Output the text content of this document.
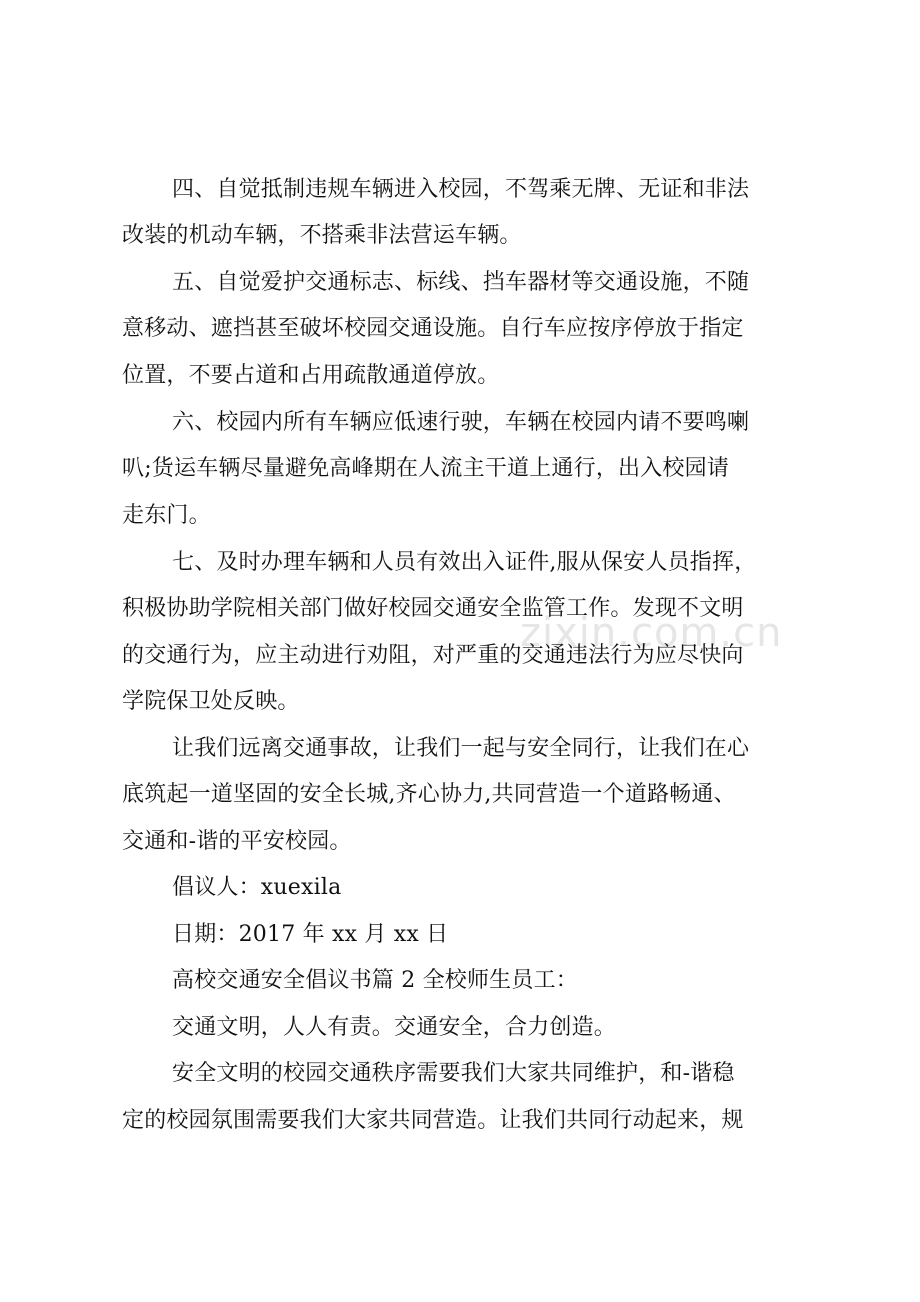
zixin.com.cn
四、自觉抵制违规车辆进入校园，不驾乘无牌、无证和非法
改装的机动车辆，不搭乘非法营运车辆。
五、自觉爱护交通标志、标线、挡车器材等交通设施，不随
意移动、遮挡甚至破坏校园交通设施。自行车应按序停放于指定
位置，不要占道和占用疏散通道停放。
六、校园内所有车辆应低速行驶，车辆在校园内请不要鸣喇
叭;货运车辆尽量避免高峰期在人流主干道上通行，出入校园请
走东门。
七、及时办理车辆和人员有效出入证件,服从保安人员指挥，
积极协助学院相关部门做好校园交通安全监管工作。发现不文明
的交通行为，应主动进行劝阻，对严重的交通违法行为应尽快向
学院保卫处反映。
让我们远离交通事故，让我们一起与安全同行，让我们在心
底筑起一道坚固的安全长城,齐心协力,共同营造一个道路畅通、
交通和-谐的平安校园。
倡议人：xuexila
日期：2017 年 xx 月 xx 日
高校交通安全倡议书篇 2 全校师生员工：
交通文明，人人有责。交通安全，合力创造。
安全文明的校园交通秩序需要我们大家共同维护，和-谐稳
定的校园氛围需要我们大家共同营造。让我们共同行动起来，规
